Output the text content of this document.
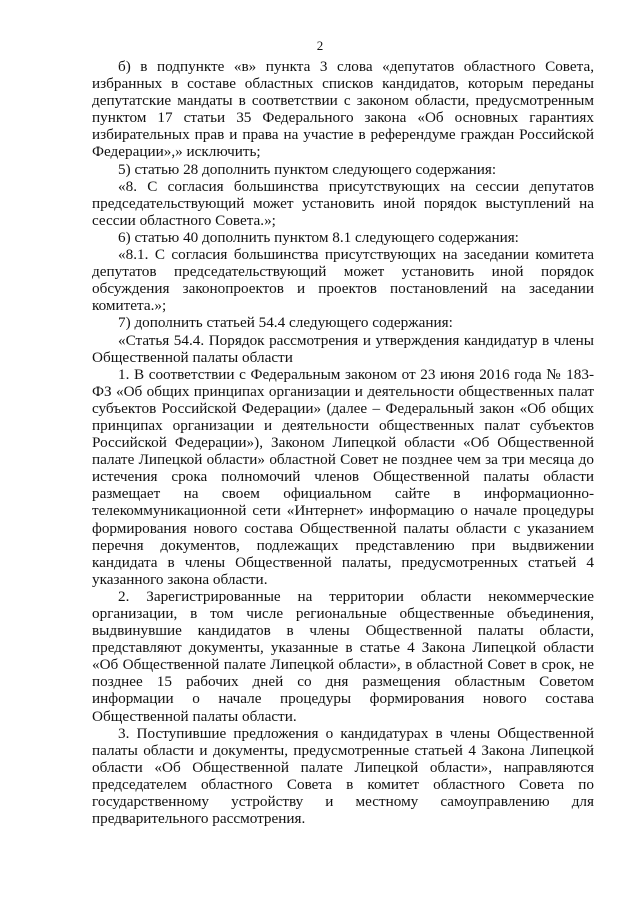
2

б) в подпункте «в» пункта 3 слова «депутатов областного Совета, избранных в составе областных списков кандидатов, которым переданы депутатские мандаты в соответствии с законом области, предусмотренным пунктом 17 статьи 35 Федерального закона «Об основных гарантиях избирательных прав и права на участие в референдуме граждан Российской Федерации»,» исключить;

5) статью 28 дополнить пунктом следующего содержания:

«8. С согласия большинства присутствующих на сессии депутатов председательствующий может установить иной порядок выступлений на сессии областного Совета.»;

6) статью 40 дополнить пунктом 8.1 следующего содержания:

«8.1. С согласия большинства присутствующих на заседании комитета депутатов председательствующий может установить иной порядок обсуждения законопроектов и проектов постановлений на заседании комитета.»;

7) дополнить статьей 54.4 следующего содержания:

«Статья 54.4. Порядок рассмотрения и утверждения кандидатур в члены Общественной палаты области

1. В соответствии с Федеральным законом от 23 июня 2016 года № 183-ФЗ «Об общих принципах организации и деятельности общественных палат субъектов Российской Федерации» (далее – Федеральный закон «Об общих принципах организации и деятельности общественных палат субъектов Российской Федерации»), Законом Липецкой области «Об Общественной палате Липецкой области» областной Совет не позднее чем за три месяца до истечения срока полномочий членов Общественной палаты области размещает на своем официальном сайте в информационно-телекоммуникационной сети «Интернет» информацию о начале процедуры формирования нового состава Общественной палаты области с указанием перечня документов, подлежащих представлению при выдвижении кандидата в члены Общественной палаты, предусмотренных статьей 4 указанного закона области.

2. Зарегистрированные на территории области некоммерческие организации, в том числе региональные общественные объединения, выдвинувшие кандидатов в члены Общественной палаты области, представляют документы, указанные в статье 4 Закона Липецкой области «Об Общественной палате Липецкой области», в областной Совет в срок, не позднее 15 рабочих дней со дня размещения областным Советом информации о начале процедуры формирования нового состава Общественной палаты области.

3. Поступившие предложения о кандидатурах в члены Общественной палаты области и документы, предусмотренные статьей 4 Закона Липецкой области «Об Общественной палате Липецкой области», направляются председателем областного Совета в комитет областного Совета по государственному устройству и местному самоуправлению для предварительного рассмотрения.
